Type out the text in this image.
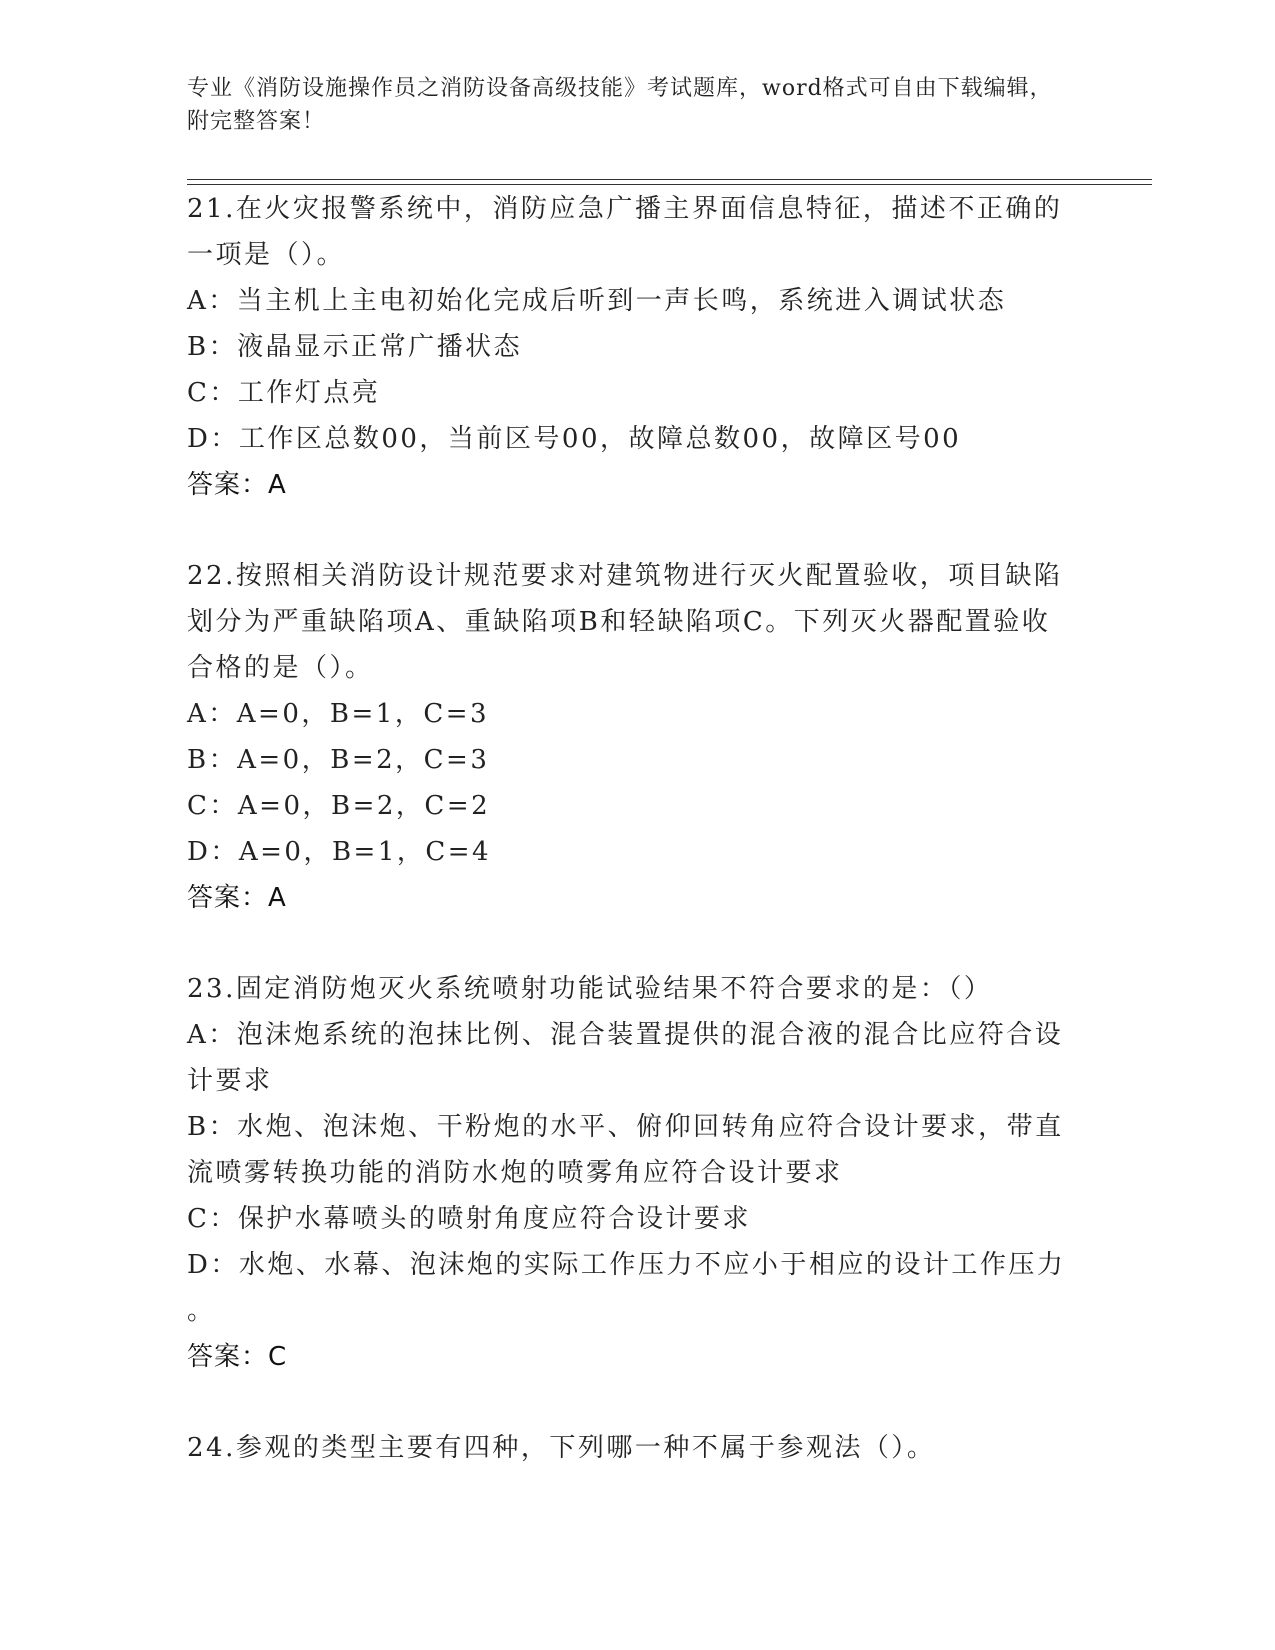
专业《消防设施操作员之消防设备高级技能》考试题库，word格式可自由下载编辑，附完整答案！

21.在火灾报警系统中，消防应急广播主界面信息特征，描述不正确的

一项是（）。

A：当主机上主电初始化完成后听到一声长鸣，系统进入调试状态

B：液晶显示正常广播状态

C：工作灯点亮

D：工作区总数00，当前区号00，故障总数00，故障区号00

答案：A

22.按照相关消防设计规范要求对建筑物进行灭火配置验收，项目缺陷

划分为严重缺陷项A、重缺陷项B和轻缺陷项C。下列灭火器配置验收

合格的是（）。

A：A=0，B=1，C=3

B：A=0，B=2，C=3

C：A=0，B=2，C=2

D：A=0，B=1，C=4

答案：A

23.固定消防炮灭火系统喷射功能试验结果不符合要求的是：（）

A：泡沫炮系统的泡抹比例、混合装置提供的混合液的混合比应符合设

计要求

B：水炮、泡沫炮、干粉炮的水平、俯仰回转角应符合设计要求，带直

流喷雾转换功能的消防水炮的喷雾角应符合设计要求

C：保护水幕喷头的喷射角度应符合设计要求

D：水炮、水幕、泡沫炮的实际工作压力不应小于相应的设计工作压力

。

答案：C

24.参观的类型主要有四种，下列哪一种不属于参观法（）。
